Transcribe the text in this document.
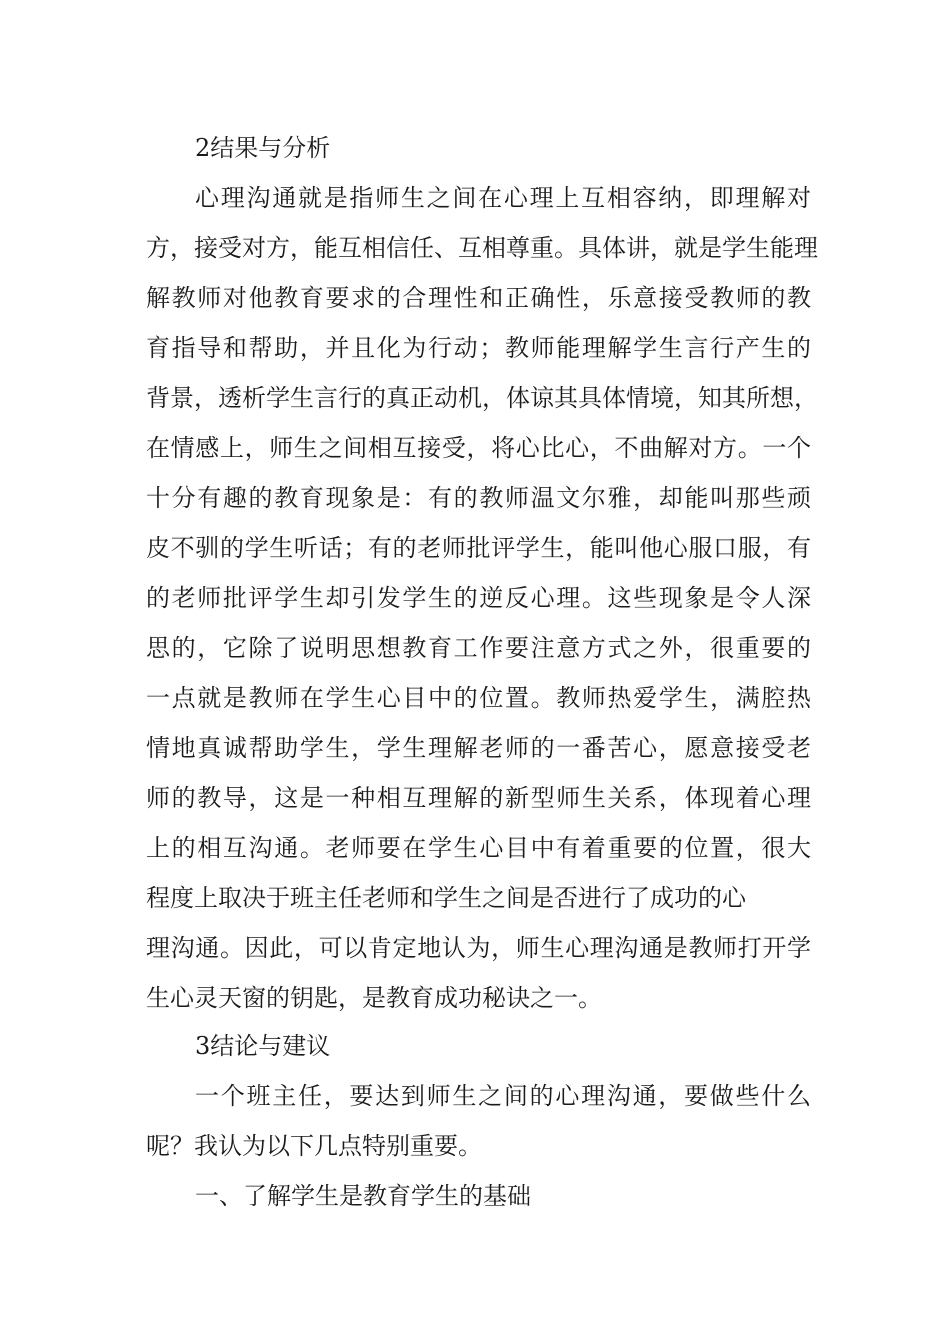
2结果与分析
心理沟通就是指师生之间在心理上互相容纳，即理解对
方，接受对方，能互相信任、互相尊重。具体讲，就是学生能理
解教师对他教育要求的合理性和正确性，乐意接受教师的教
育指导和帮助，并且化为行动；教师能理解学生言行产生的
背景，透析学生言行的真正动机，体谅其具体情境，知其所想，
在情感上，师生之间相互接受，将心比心，不曲解对方。一个
十分有趣的教育现象是：有的教师温文尔雅，却能叫那些顽
皮不驯的学生听话；有的老师批评学生，能叫他心服口服，有
的老师批评学生却引发学生的逆反心理。这些现象是令人深
思的，它除了说明思想教育工作要注意方式之外，很重要的
一点就是教师在学生心目中的位置。教师热爱学生，满腔热
情地真诚帮助学生，学生理解老师的一番苦心，愿意接受老
师的教导，这是一种相互理解的新型师生关系，体现着心理
上的相互沟通。老师要在学生心目中有着重要的位置，很大
程度上取决于班主任老师和学生之间是否进行了成功的心
理沟通。因此，可以肯定地认为，师生心理沟通是教师打开学
生心灵天窗的钥匙，是教育成功秘诀之一。
3结论与建议
一个班主任，要达到师生之间的心理沟通，要做些什么
呢？我认为以下几点特别重要。
一、了解学生是教育学生的基础
